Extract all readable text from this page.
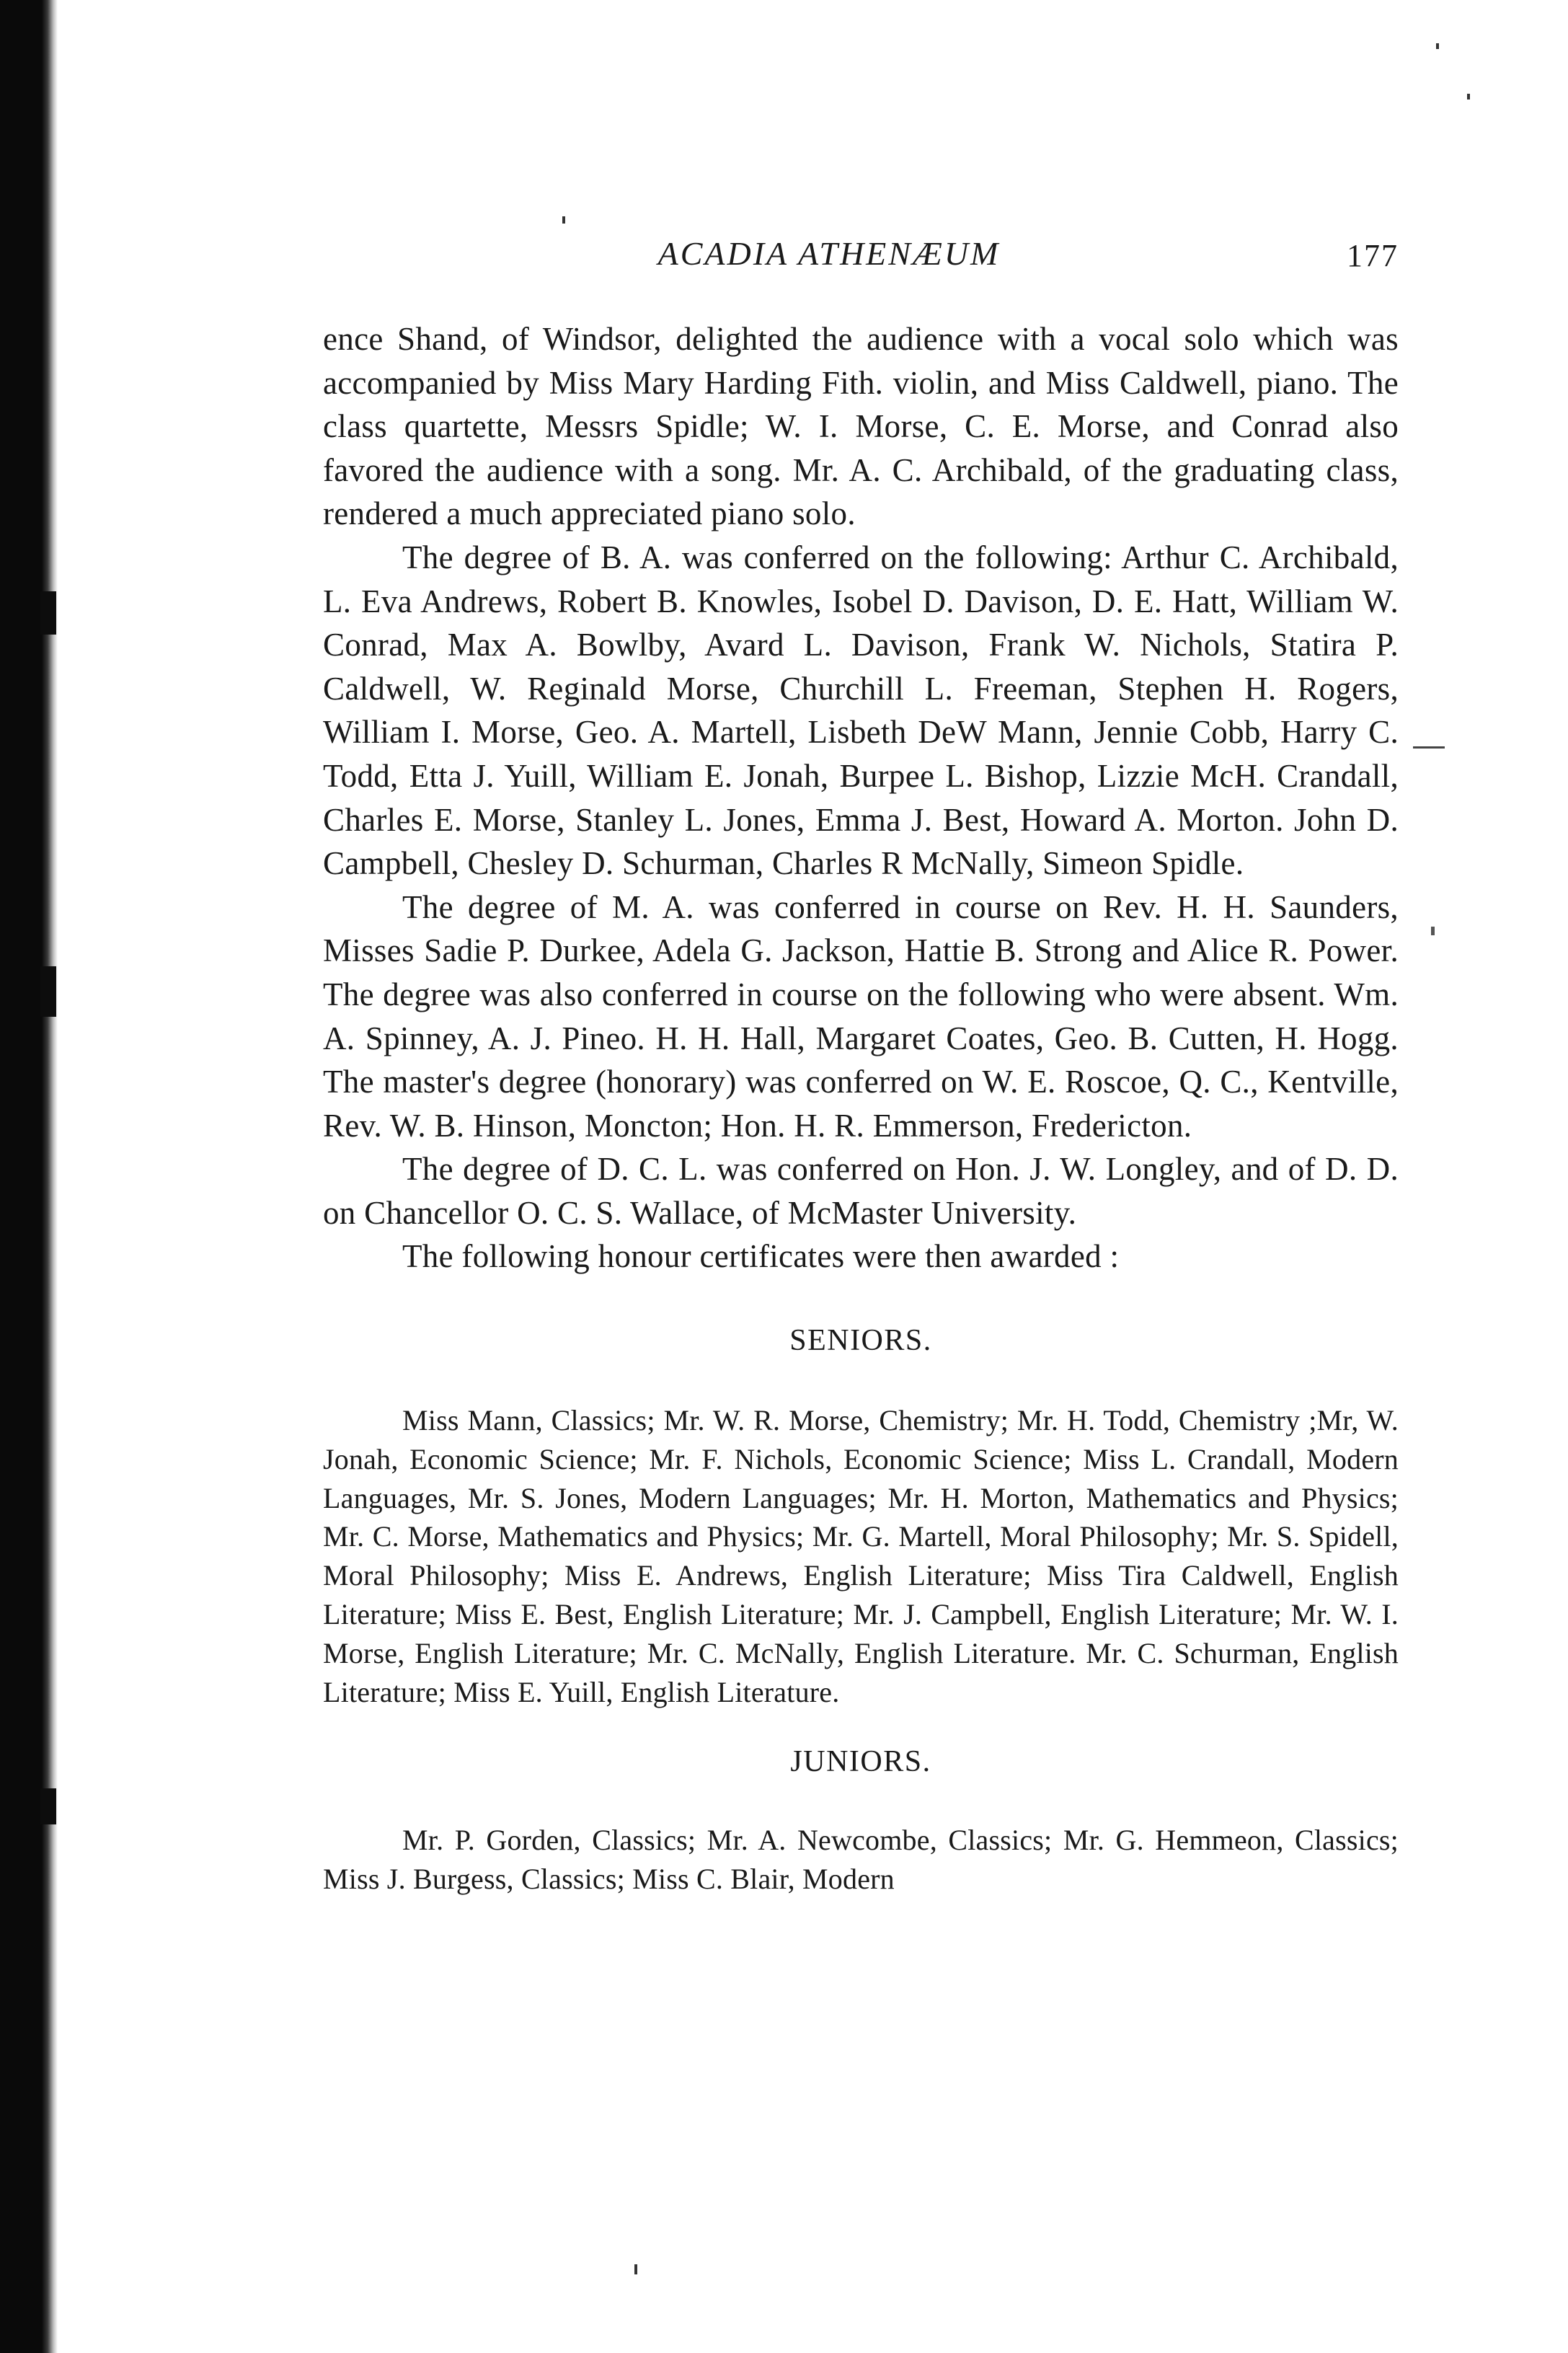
ACADIA ATHENÆUM	177

ence Shand, of Windsor, delighted the audience with a vocal solo which was accompanied by Miss Mary Harding Fith. violin, and Miss Caldwell, piano. The class quartette, Messrs Spidle; W. I. Morse, C. E. Morse, and Conrad also favored the audience with a song. Mr. A. C. Archibald, of the graduating class, rendered a much appreciated piano solo.

The degree of B. A. was conferred on the following: Arthur C. Archibald, L. Eva Andrews, Robert B. Knowles, Isobel D. Davison, D. E. Hatt, William W. Conrad, Max A. Bowlby, Avard L. Davison, Frank W. Nichols, Statira P. Caldwell, W. Reginald Morse, Churchill L. Freeman, Stephen H. Rogers, William I. Morse, Geo. A. Martell, Lisbeth DeW Mann, Jennie Cobb, Harry C. Todd, Etta J. Yuill, William E. Jonah, Burpee L. Bishop, Lizzie McH. Crandall, Charles E. Morse, Stanley L. Jones, Emma J. Best, Howard A. Morton. John D. Campbell, Chesley D. Schurman, Charles R McNally, Simeon Spidle.

The degree of M. A. was conferred in course on Rev. H. H. Saunders, Misses Sadie P. Durkee, Adela G. Jackson, Hattie B. Strong and Alice R. Power. The degree was also conferred in course on the following who were absent. Wm. A. Spinney, A. J. Pineo. H. H. Hall, Margaret Coates, Geo. B. Cutten, H. Hogg. The master's degree (honorary) was conferred on W. E. Roscoe, Q. C., Kentville, Rev. W. B. Hinson, Moncton; Hon. H. R. Emmerson, Fredericton.

The degree of D. C. L. was conferred on Hon. J. W. Longley, and of D. D. on Chancellor O. C. S. Wallace, of McMaster University.

The following honour certificates were then awarded :

SENIORS.

Miss Mann, Classics; Mr. W. R. Morse, Chemistry; Mr. H. Todd, Chemistry ;Mr, W. Jonah, Economic Science; Mr. F. Nichols, Economic Science; Miss L. Crandall, Modern Languages, Mr. S. Jones, Modern Languages; Mr. H. Morton, Mathematics and Physics; Mr. C. Morse, Mathematics and Physics; Mr. G. Martell, Moral Philosophy; Mr. S. Spidell, Moral Philosophy; Miss E. Andrews, English Literature; Miss Tira Caldwell, English Literature; Miss E. Best, English Literature; Mr. J. Campbell, English Literature; Mr. W. I. Morse, English Literature; Mr. C. McNally, English Literature. Mr. C. Schurman, English Literature; Miss E. Yuill, English Literature.

JUNIORS.

Mr. P. Gorden, Classics; Mr. A. Newcombe, Classics; Mr. G. Hemmeon, Classics; Miss J. Burgess, Classics; Miss C. Blair, Modern
